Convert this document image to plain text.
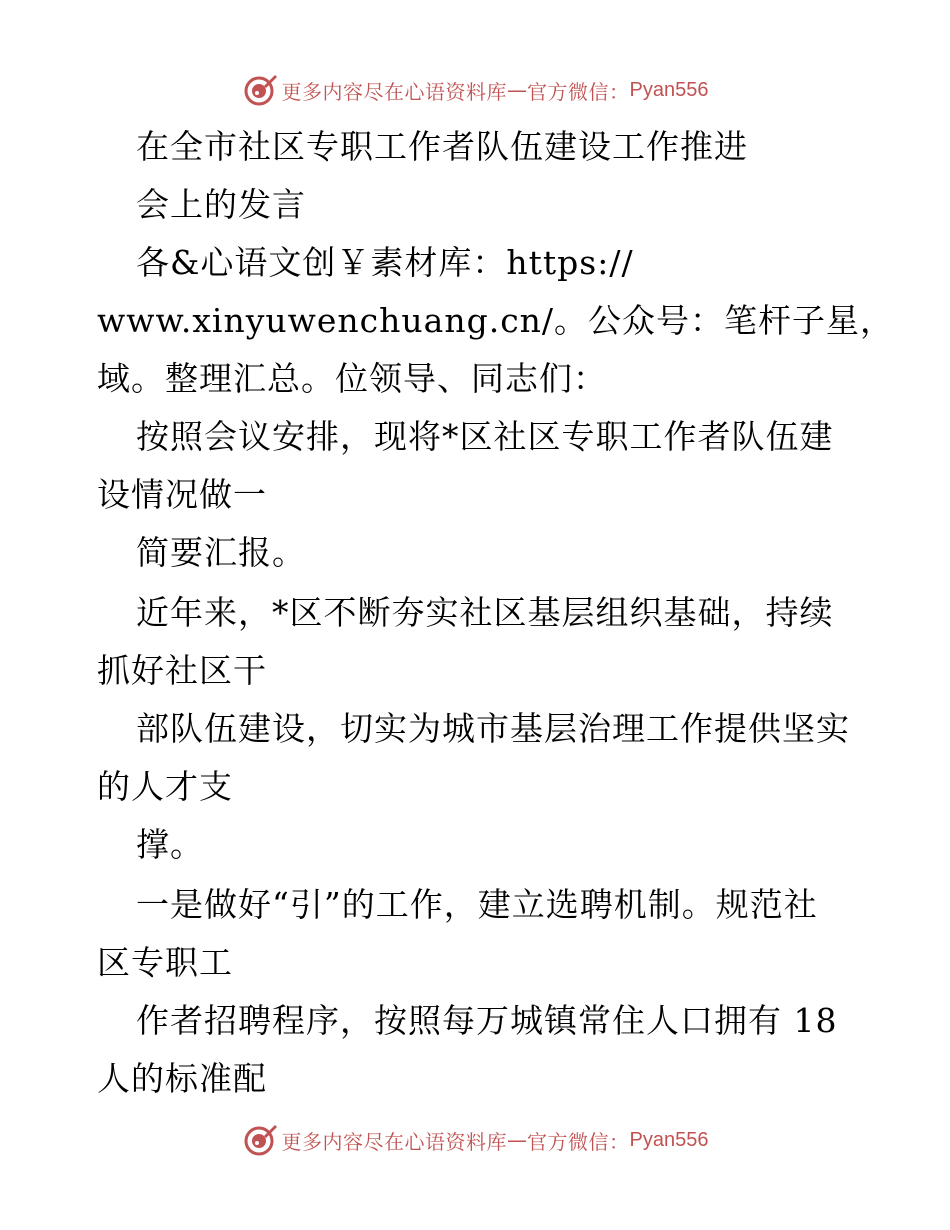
更多内容尽在心语资料库 — 官方微信： Pyan556
在全市社区专职工作者队伍建设工作推进
会上的发言
各&心语文创￥素材库：https://
www.xinyuwenchuang.cn/。公众号：笔杆子星，
域。整理汇总。位领导、同志们：
按照会议安排，现将*区社区专职工作者队伍建
设情况做一
简要汇报。
近年来，*区不断夯实社区基层组织基础，持续
抓好社区干
部队伍建设，切实为城市基层治理工作提供坚实
的人才支
撑。
一是做好“引”的工作，建立选聘机制。规范社
区专职工
作者招聘程序，按照每万城镇常住人口拥有 18
人的标准配
更多内容尽在心语资料库 — 官方微信： Pyan556
